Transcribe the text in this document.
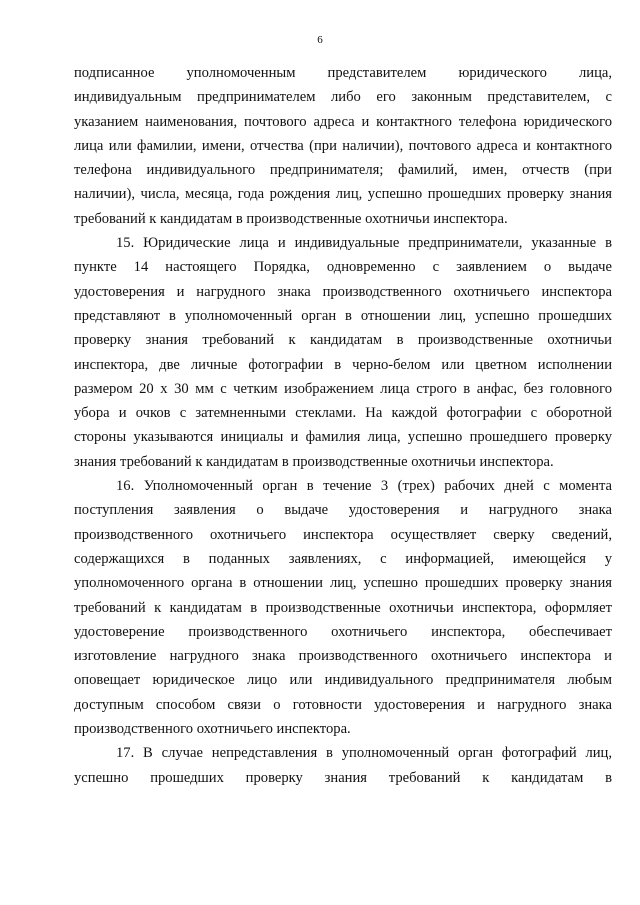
6
подписанное уполномоченным представителем юридического лица,
индивидуальным предпринимателем либо его законным представителем, с
указанием наименования, почтового адреса и контактного телефона юридического
лица или фамилии, имени, отчества (при наличии), почтового адреса и контактного
телефона индивидуального предпринимателя; фамилий, имен, отчеств (при
наличии), числа, месяца, года рождения лиц, успешно прошедших проверку знания
требований к кандидатам в производственные охотничьи инспектора.
15. Юридические лица и индивидуальные предприниматели, указанные в
пункте 14 настоящего Порядка, одновременно с заявлением о выдаче
удостоверения и нагрудного знака производственного охотничьего инспектора
представляют в уполномоченный орган в отношении лиц, успешно прошедших
проверку знания требований к кандидатам в производственные охотничьи
инспектора, две личные фотографии в черно-белом или цветном исполнении
размером 20 x 30 мм с четким изображением лица строго в анфас, без головного
убора и очков с затемненными стеклами. На каждой фотографии с оборотной
стороны указываются инициалы и фамилия лица, успешно прошедшего проверку
знания требований к кандидатам в производственные охотничьи инспектора.
16. Уполномоченный орган в течение 3 (трех) рабочих дней с момента
поступления заявления о выдаче удостоверения и нагрудного знака
производственного охотничьего инспектора осуществляет сверку сведений,
содержащихся в поданных заявлениях, с информацией, имеющейся у
уполномоченного органа в отношении лиц, успешно прошедших проверку знания
требований к кандидатам в производственные охотничьи инспектора, оформляет
удостоверение производственного охотничьего инспектора, обеспечивает
изготовление нагрудного знака производственного охотничьего инспектора и
оповещает юридическое лицо или индивидуального предпринимателя любым
доступным способом связи о готовности удостоверения и нагрудного знака
производственного охотничьего инспектора.
17. В случае непредставления в уполномоченный орган фотографий лиц,
успешно прошедших проверку знания требований к кандидатам в
